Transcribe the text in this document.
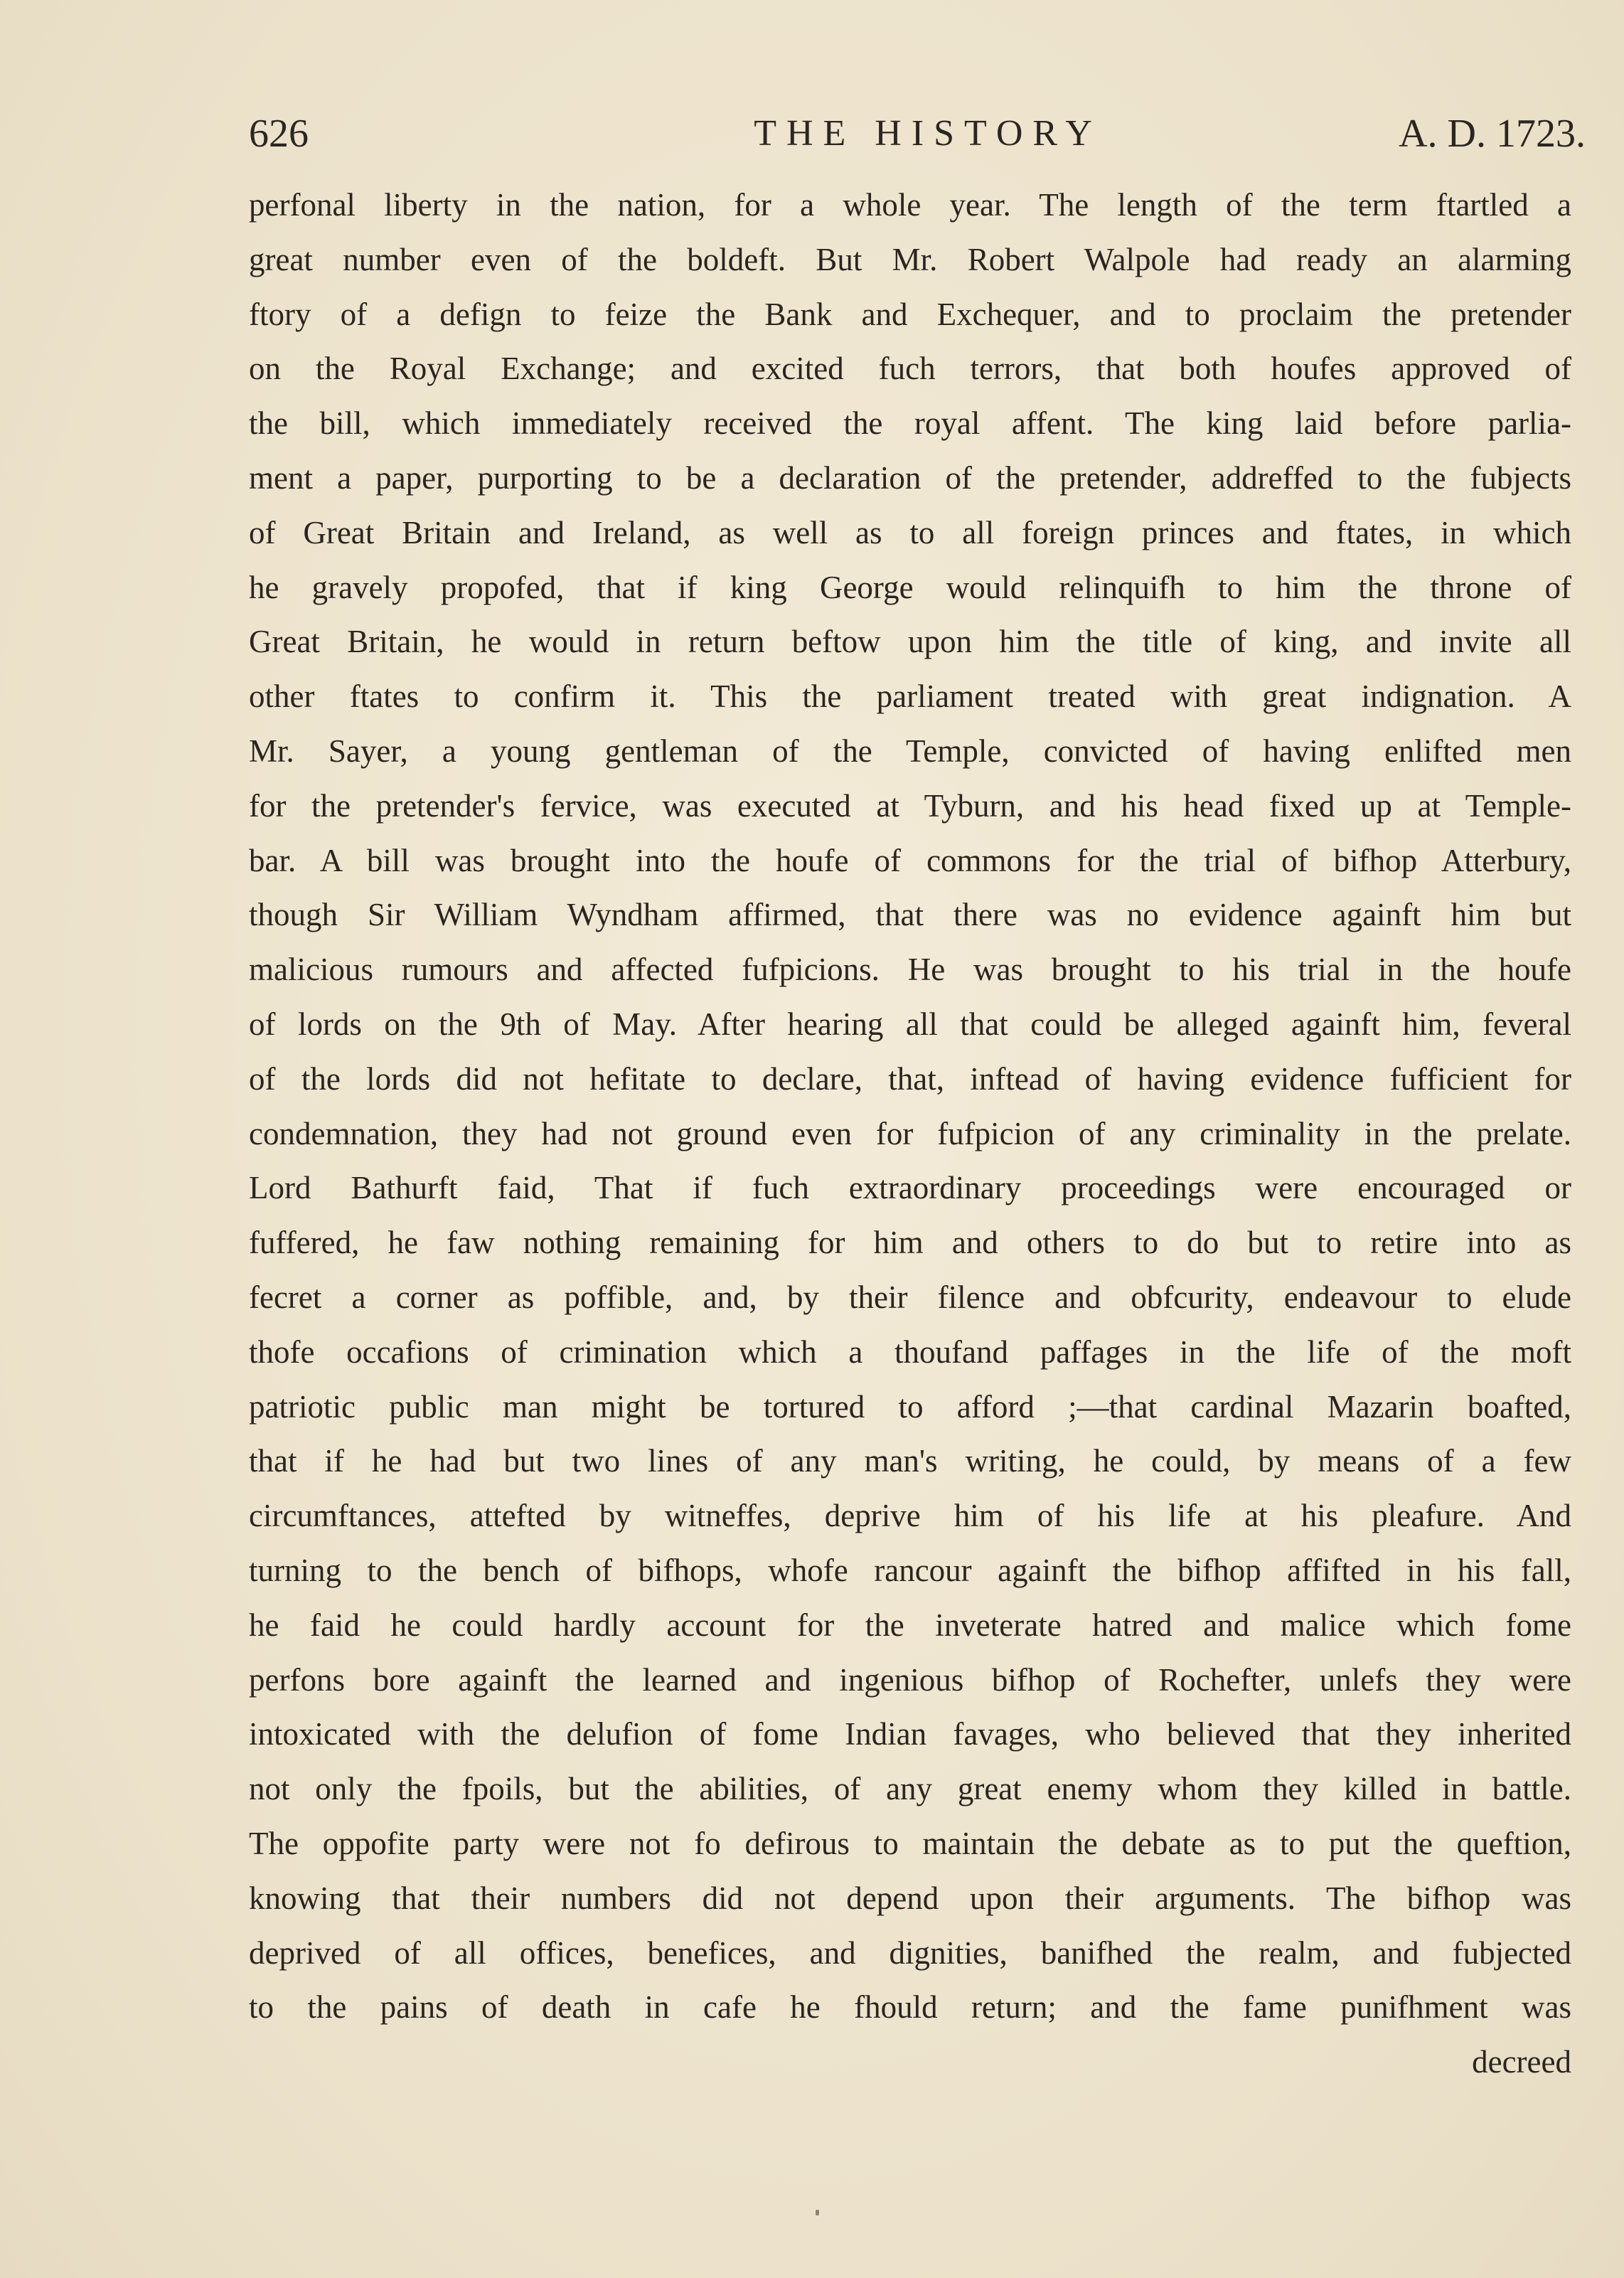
626	THE HISTORY	A. D. 1723.
perfonal liberty in the nation, for a whole year. The length of the term ftartled a
great number even of the boldeft. But Mr. Robert Walpole had ready an alarming
ftory of a defign to feize the Bank and Exchequer, and to proclaim the pretender
on the Royal Exchange; and excited fuch terrors, that both houfes approved of
the bill, which immediately received the royal affent. The king laid before parlia-
ment a paper, purporting to be a declaration of the pretender, addreffed to the fubjects
of Great Britain and Ireland, as well as to all foreign princes and ftates, in which
he gravely propofed, that if king George would relinquifh to him the throne of
Great Britain, he would in return beftow upon him the title of king, and invite all
other ftates to confirm it. This the parliament treated with great indignation. A
Mr. Sayer, a young gentleman of the Temple, convicted of having enlifted men
for the pretender's fervice, was executed at Tyburn, and his head fixed up at Temple-
bar. A bill was brought into the houfe of commons for the trial of bifhop Atterbury,
though Sir William Wyndham affirmed, that there was no evidence againft him but
malicious rumours and affected fufpicions. He was brought to his trial in the houfe
of lords on the 9th of May. After hearing all that could be alleged againft him, feveral
of the lords did not hefitate to declare, that, inftead of having evidence fufficient for
condemnation, they had not ground even for fufpicion of any criminality in the prelate.
Lord Bathurft faid, That if fuch extraordinary proceedings were encouraged or
fuffered, he faw nothing remaining for him and others to do but to retire into as
fecret a corner as poffible, and, by their filence and obfcurity, endeavour to elude
thofe occafions of crimination which a thoufand paffages in the life of the moft
patriotic public man might be tortured to afford ;—that cardinal Mazarin boafted,
that if he had but two lines of any man's writing, he could, by means of a few
circumftances, attefted by witneffes, deprive him of his life at his pleafure. And
turning to the bench of bifhops, whofe rancour againft the bifhop affifted in his fall,
he faid he could hardly account for the inveterate hatred and malice which fome
perfons bore againft the learned and ingenious bifhop of Rochefter, unlefs they were
intoxicated with the delufion of fome Indian favages, who believed that they inherited
not only the fpoils, but the abilities, of any great enemy whom they killed in battle.
The oppofite party were not fo defirous to maintain the debate as to put the queftion,
knowing that their numbers did not depend upon their arguments. The bifhop was
deprived of all offices, benefices, and dignities, banifhed the realm, and fubjected
to the pains of death in cafe he fhould return; and the fame punifhment was
decreed
